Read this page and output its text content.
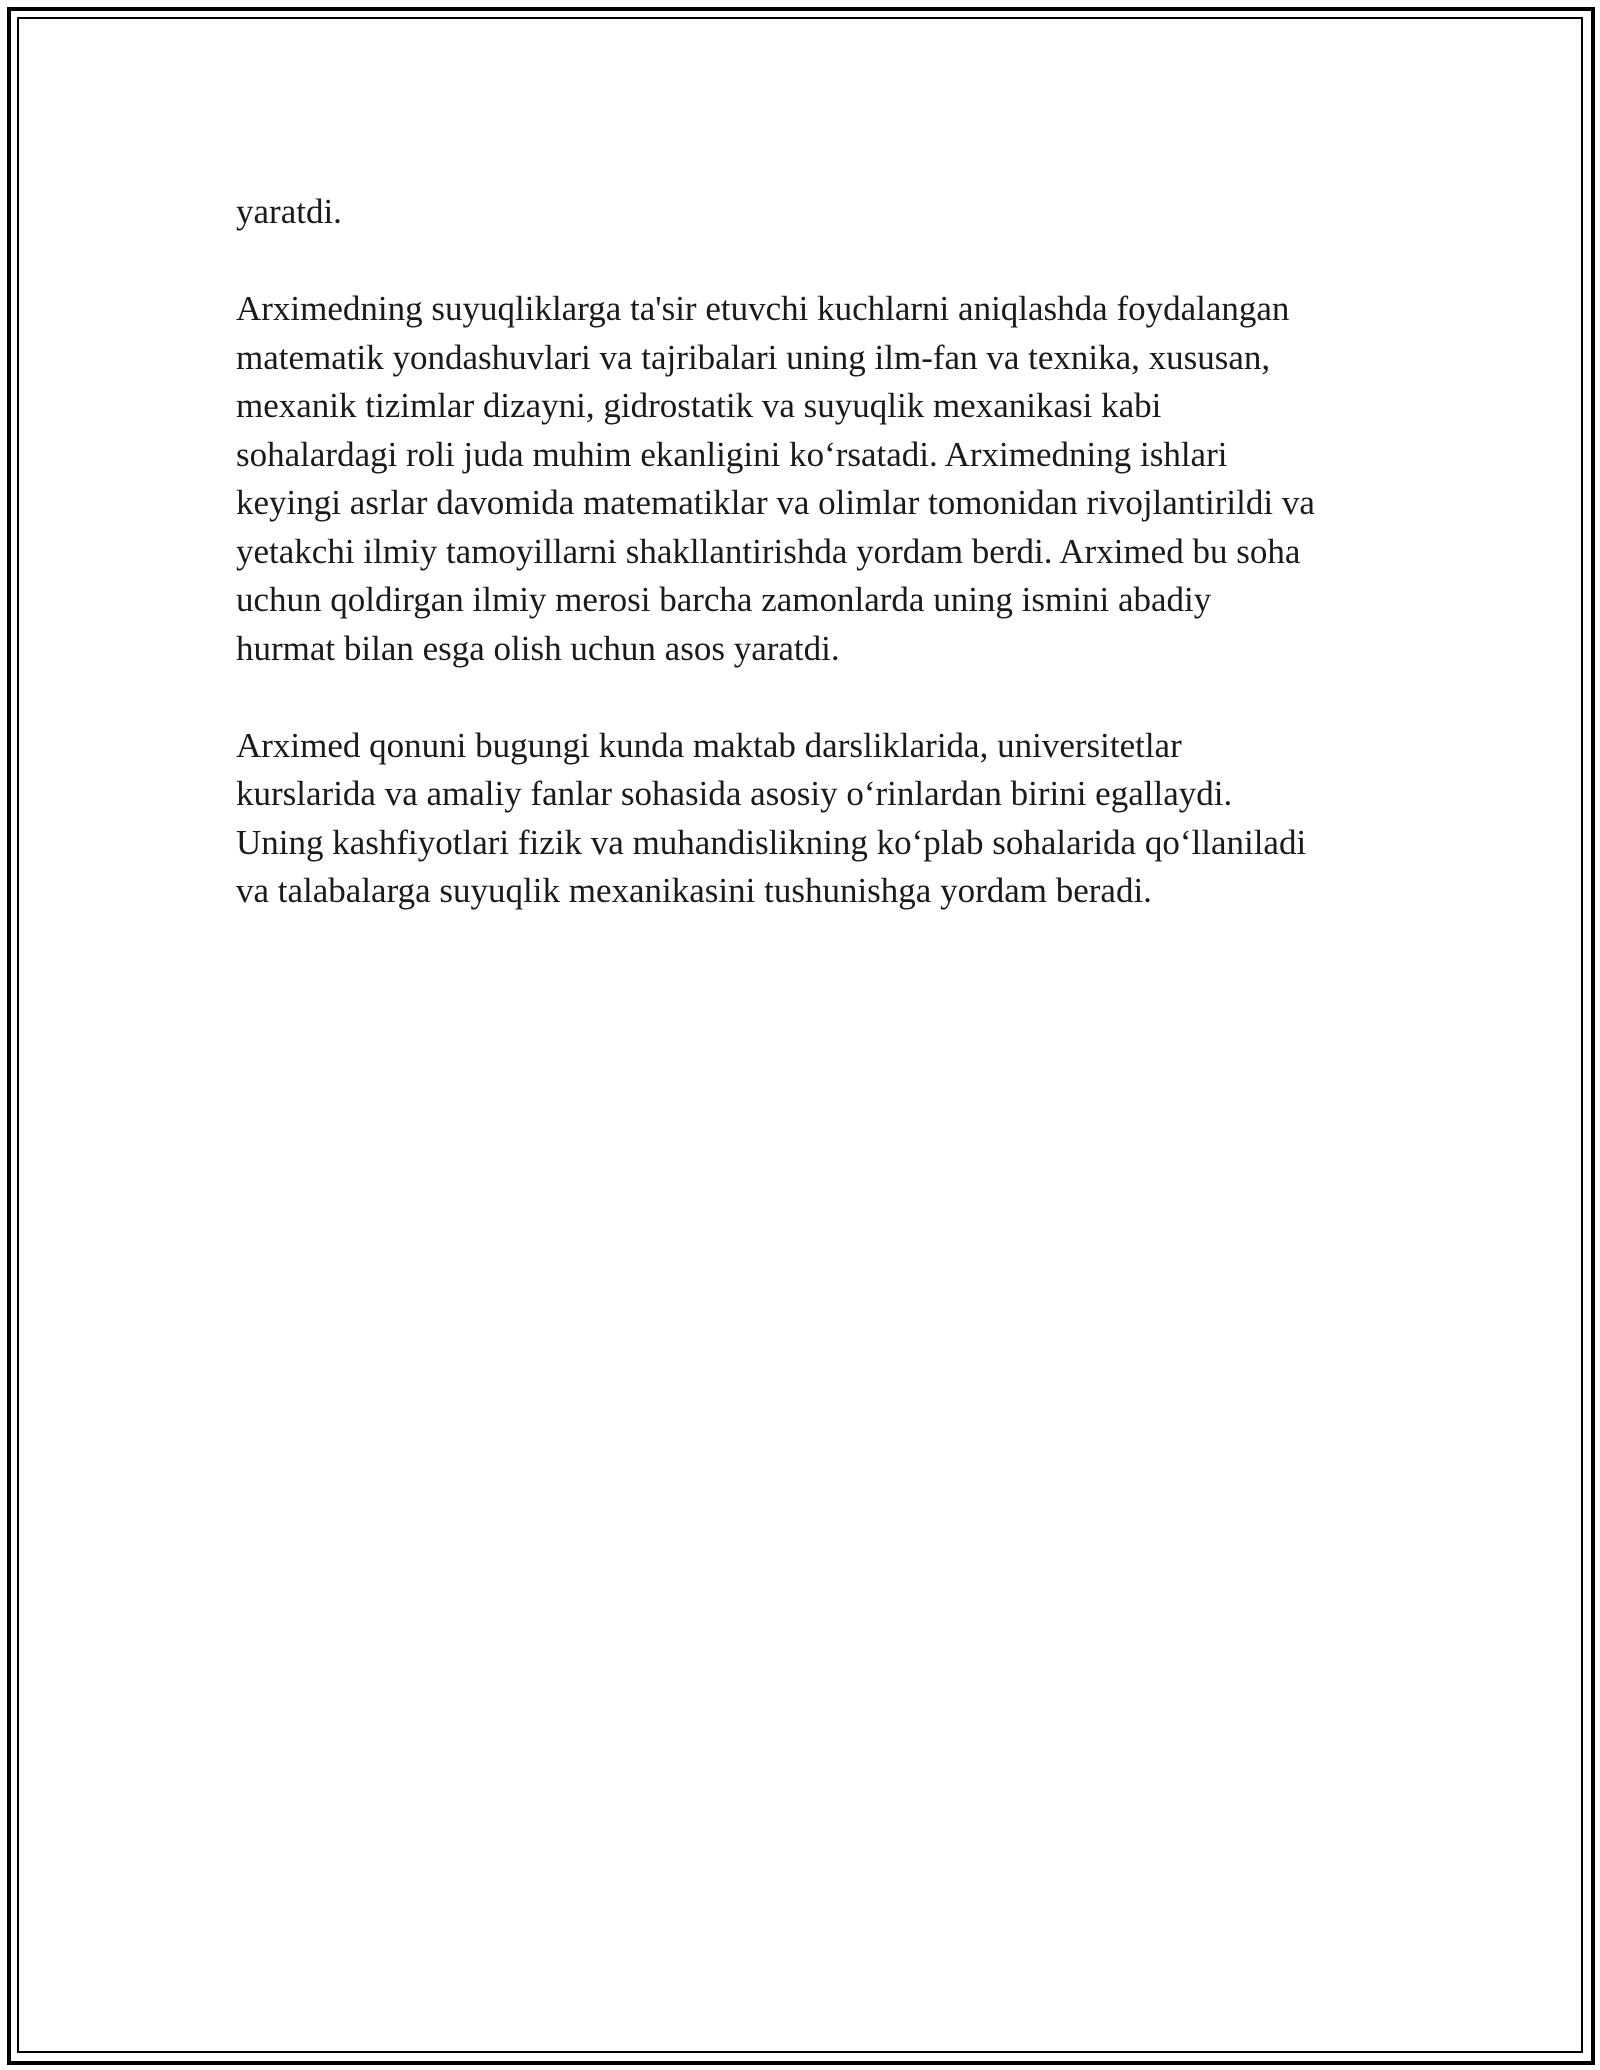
yaratdi.

Arximedning suyuqliklarga ta'sir etuvchi kuchlarni aniqlashda foydalangan
matematik yondashuvlari va tajribalari uning ilm-fan va texnika, xususan,
mexanik tizimlar dizayni, gidrostatik va suyuqlik mexanikasi kabi
sohalardagi roli juda muhim ekanligini ko‘rsatadi. Arximedning ishlari
keyingi asrlar davomida matematiklar va olimlar tomonidan rivojlantirildi va
yetakchi ilmiy tamoyillarni shakllantirishda yordam berdi. Arximed bu soha
uchun qoldirgan ilmiy merosi barcha zamonlarda uning ismini abadiy
hurmat bilan esga olish uchun asos yaratdi.

Arximed qonuni bugungi kunda maktab darsliklarida, universitetlar
kurslarida va amaliy fanlar sohasida asosiy o‘rinlardan birini egallaydi.
Uning kashfiyotlari fizik va muhandislikning ko‘plab sohalarida qo‘llaniladi
va talabalarga suyuqlik mexanikasini tushunishga yordam beradi.
